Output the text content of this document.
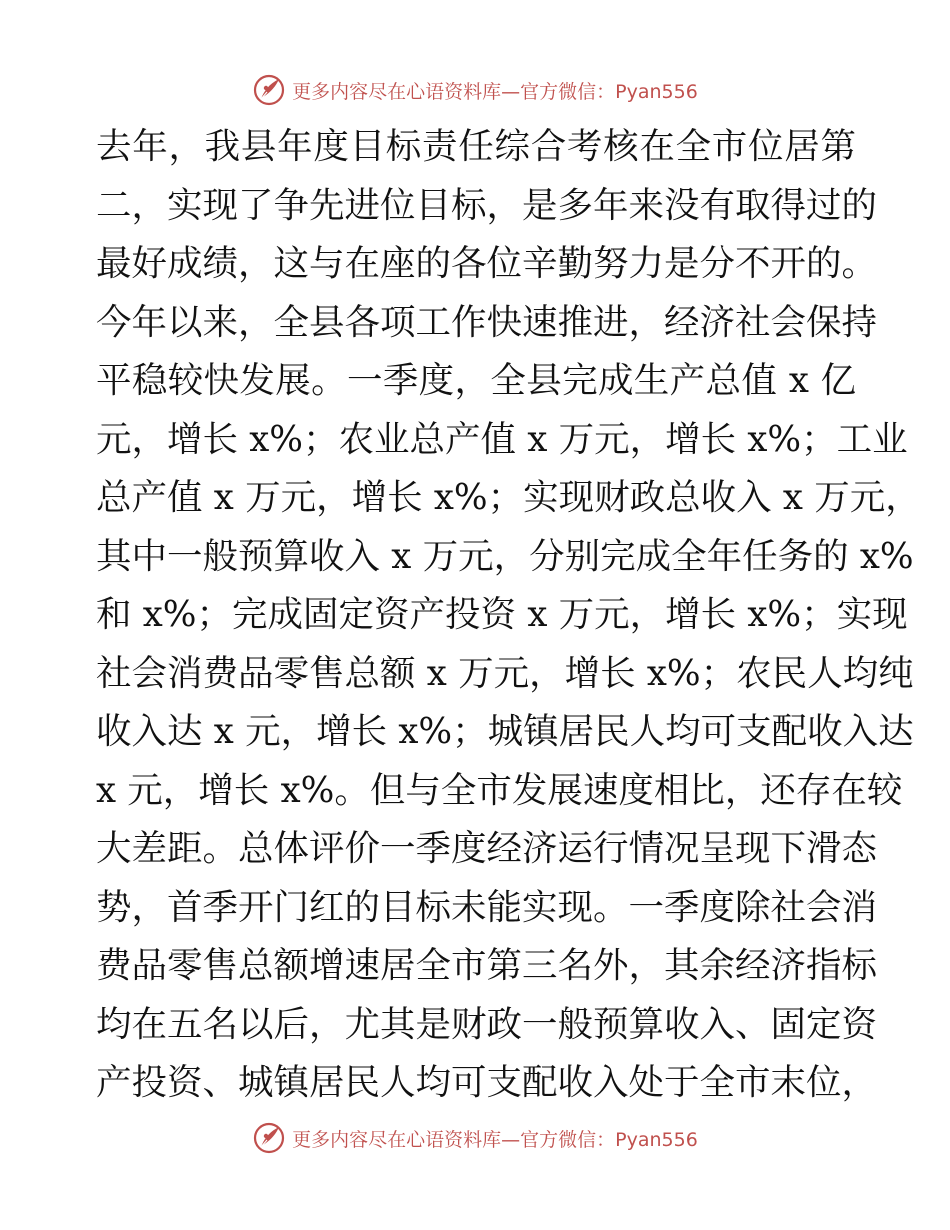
更多内容尽在心语资料库—官方微信：Pyan556
去年，我县年度目标责任综合考核在全市位居第
二，实现了争先进位目标，是多年来没有取得过的
最好成绩，这与在座的各位辛勤努力是分不开的。
今年以来，全县各项工作快速推进，经济社会保持
平稳较快发展。一季度，全县完成生产总值 x 亿
元，增长 x%；农业总产值 x 万元，增长 x%；工业
总产值 x 万元，增长 x%；实现财政总收入 x 万元，
其中一般预算收入 x 万元，分别完成全年任务的 x%
和 x%；完成固定资产投资 x 万元，增长 x%；实现
社会消费品零售总额 x 万元，增长 x%；农民人均纯
收入达 x 元，增长 x%；城镇居民人均可支配收入达
x 元，增长 x%。但与全市发展速度相比，还存在较
大差距。总体评价一季度经济运行情况呈现下滑态
势，首季开门红的目标未能实现。一季度除社会消
费品零售总额增速居全市第三名外，其余经济指标
均在五名以后，尤其是财政一般预算收入、固定资
产投资、城镇居民人均可支配收入处于全市末位，
更多内容尽在心语资料库—官方微信：Pyan556
